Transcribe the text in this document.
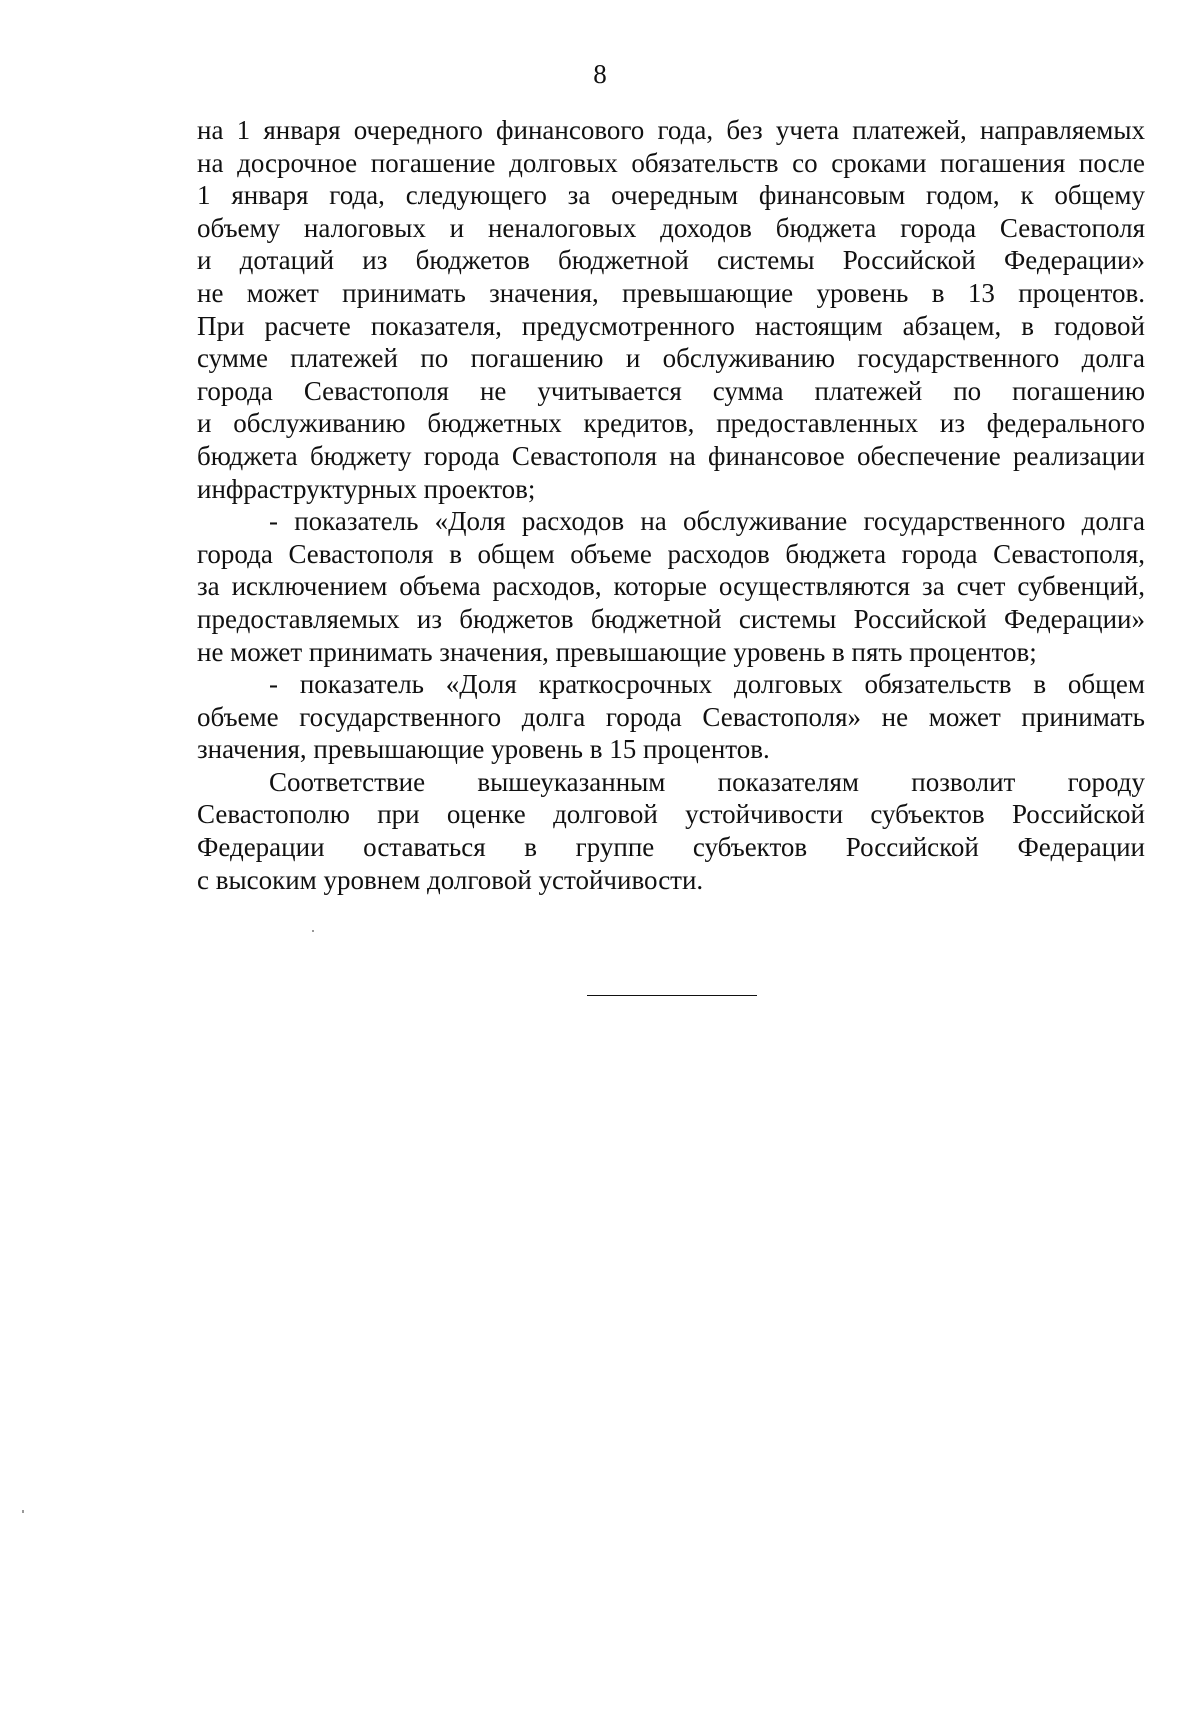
8
на 1 января очередного финансового года, без учета платежей, направляемых
на досрочное погашение долговых обязательств со сроками погашения после
1 января года, следующего за очередным финансовым годом, к общему
объему налоговых и неналоговых доходов бюджета города Севастополя
и дотаций из бюджетов бюджетной системы Российской Федерации»
не может принимать значения, превышающие уровень в 13 процентов.
При расчете показателя, предусмотренного настоящим абзацем, в годовой
сумме платежей по погашению и обслуживанию государственного долга
города Севастополя не учитывается сумма платежей по погашению
и обслуживанию бюджетных кредитов, предоставленных из федерального
бюджета бюджету города Севастополя на финансовое обеспечение реализации
инфраструктурных проектов;
- показатель «Доля расходов на обслуживание государственного долга
города Севастополя в общем объеме расходов бюджета города Севастополя,
за исключением объема расходов, которые осуществляются за счет субвенций,
предоставляемых из бюджетов бюджетной системы Российской Федерации»
не может принимать значения, превышающие уровень в пять процентов;
- показатель «Доля краткосрочных долговых обязательств в общем
объеме государственного долга города Севастополя» не может принимать
значения, превышающие уровень в 15 процентов.
Соответствие вышеуказанным показателям позволит городу
Севастополю при оценке долговой устойчивости субъектов Российской
Федерации оставаться в группе субъектов Российской Федерации
с высоким уровнем долговой устойчивости.
